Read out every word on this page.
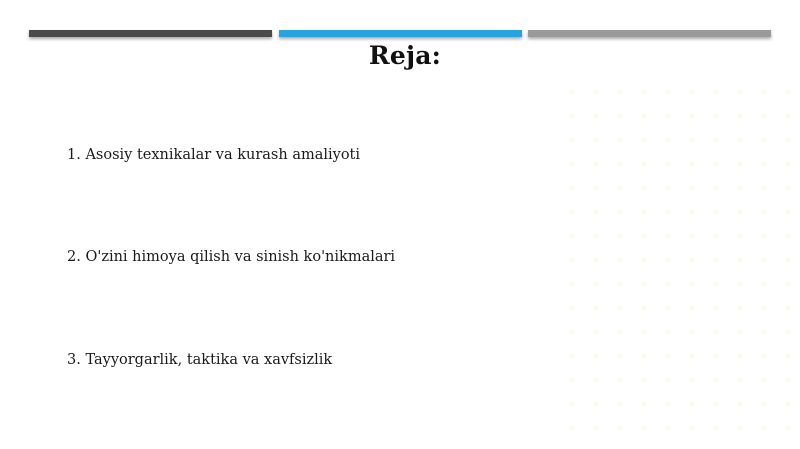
Reja:
1. Asosiy texnikalar va kurash amaliyoti
2. O'zini himoya qilish va sinish ko'nikmalari
3. Tayyorgarlik, taktika va xavfsizlik
